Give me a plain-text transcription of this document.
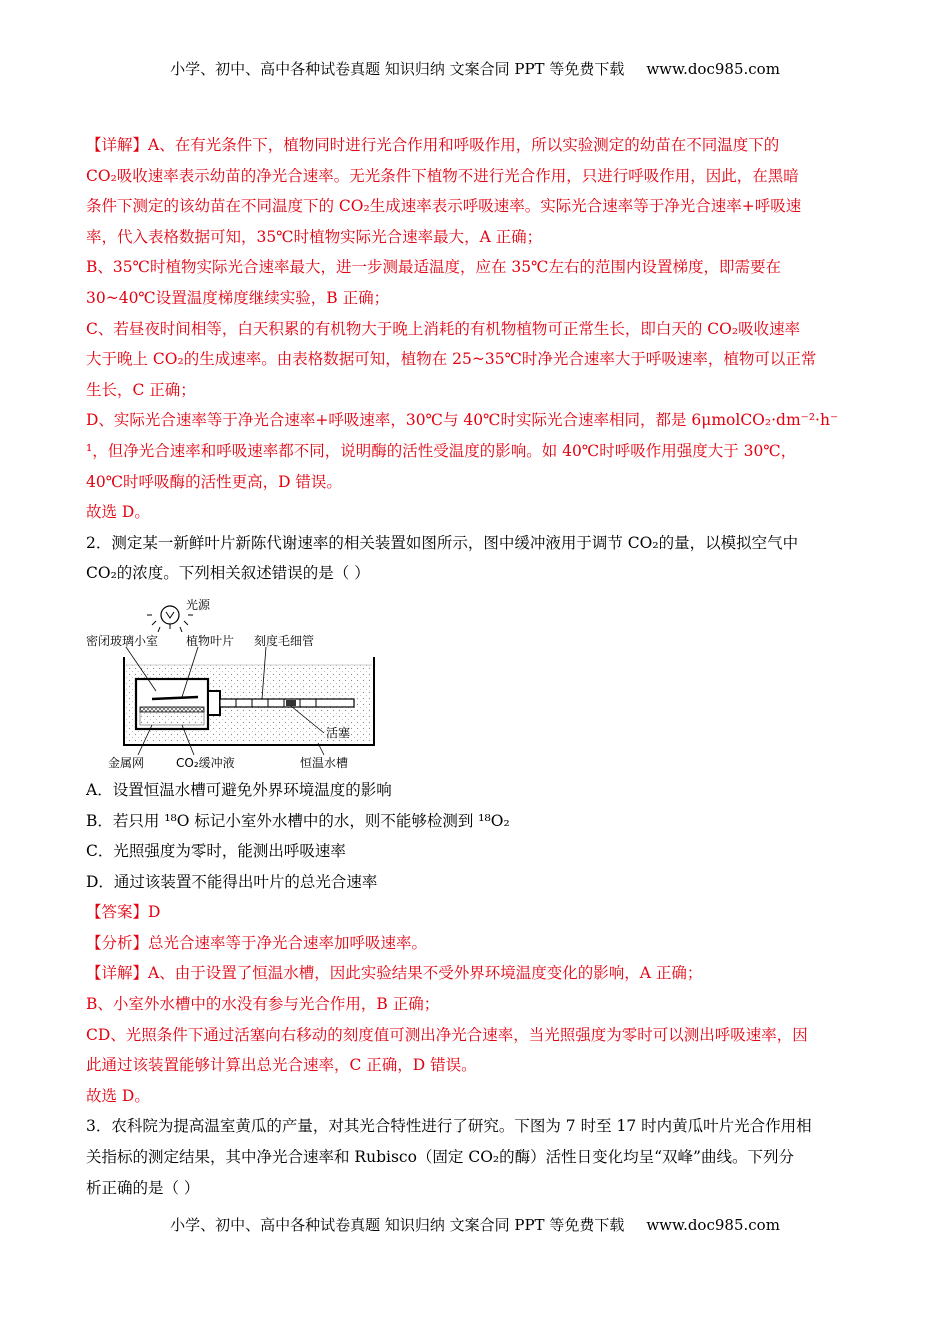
小学、初中、高中各种试卷真题 知识归纳 文案合同 PPT 等免费下载 www.doc985.com

【详解】A、在有光条件下，植物同时进行光合作用和呼吸作用，所以实验测定的幼苗在不同温度下的

CO₂吸收速率表示幼苗的净光合速率。无光条件下植物不进行光合作用，只进行呼吸作用，因此，在黑暗

条件下测定的该幼苗在不同温度下的 CO₂生成速率表示呼吸速率。实际光合速率等于净光合速率+呼吸速

率，代入表格数据可知，35℃时植物实际光合速率最大，A 正确；

B、35℃时植物实际光合速率最大，进一步测最适温度，应在 35℃左右的范围内设置梯度，即需要在

30~40℃设置温度梯度继续实验，B 正确；

C、若昼夜时间相等，白天积累的有机物大于晚上消耗的有机物植物可正常生长，即白天的 CO₂吸收速率

大于晚上 CO₂的生成速率。由表格数据可知，植物在 25~35℃时净光合速率大于呼吸速率，植物可以正常

生长，C 正确；

D、实际光合速率等于净光合速率+呼吸速率，30℃与 40℃时实际光合速率相同，都是 6μmolCO₂·dm⁻²·h⁻

¹，但净光合速率和呼吸速率都不同，说明酶的活性受温度的影响。如 40℃时呼吸作用强度大于 30℃，

40℃时呼吸酶的活性更高，D 错误。

故选 D。

2．测定某一新鲜叶片新陈代谢速率的相关装置如图所示，图中缓冲液用于调节 CO₂的量，以模拟空气中

CO₂的浓度。下列相关叙述错误的是（ ）

光源
密闭玻璃小室 植物叶片 刻度毛细管
活塞
金属网	CO₂缓冲液	恒温水槽

A．设置恒温水槽可避免外界环境温度的影响

B．若只用 ¹⁸O 标记小室外水槽中的水，则不能够检测到 ¹⁸O₂

C．光照强度为零时，能测出呼吸速率

D．通过该装置不能得出叶片的总光合速率

【答案】D

【分析】总光合速率等于净光合速率加呼吸速率。

【详解】A、由于设置了恒温水槽，因此实验结果不受外界环境温度变化的影响，A 正确；

B、小室外水槽中的水没有参与光合作用，B 正确；

CD、光照条件下通过活塞向右移动的刻度值可测出净光合速率，当光照强度为零时可以测出呼吸速率，因

此通过该装置能够计算出总光合速率，C 正确，D 错误。

故选 D。

3．农科院为提高温室黄瓜的产量，对其光合特性进行了研究。下图为 7 时至 17 时内黄瓜叶片光合作用相

关指标的测定结果，其中净光合速率和 Rubisco（固定 CO₂的酶）活性日变化均呈“双峰”曲线。下列分

析正确的是（ ）

小学、初中、高中各种试卷真题 知识归纳 文案合同 PPT 等免费下载 www.doc985.com
